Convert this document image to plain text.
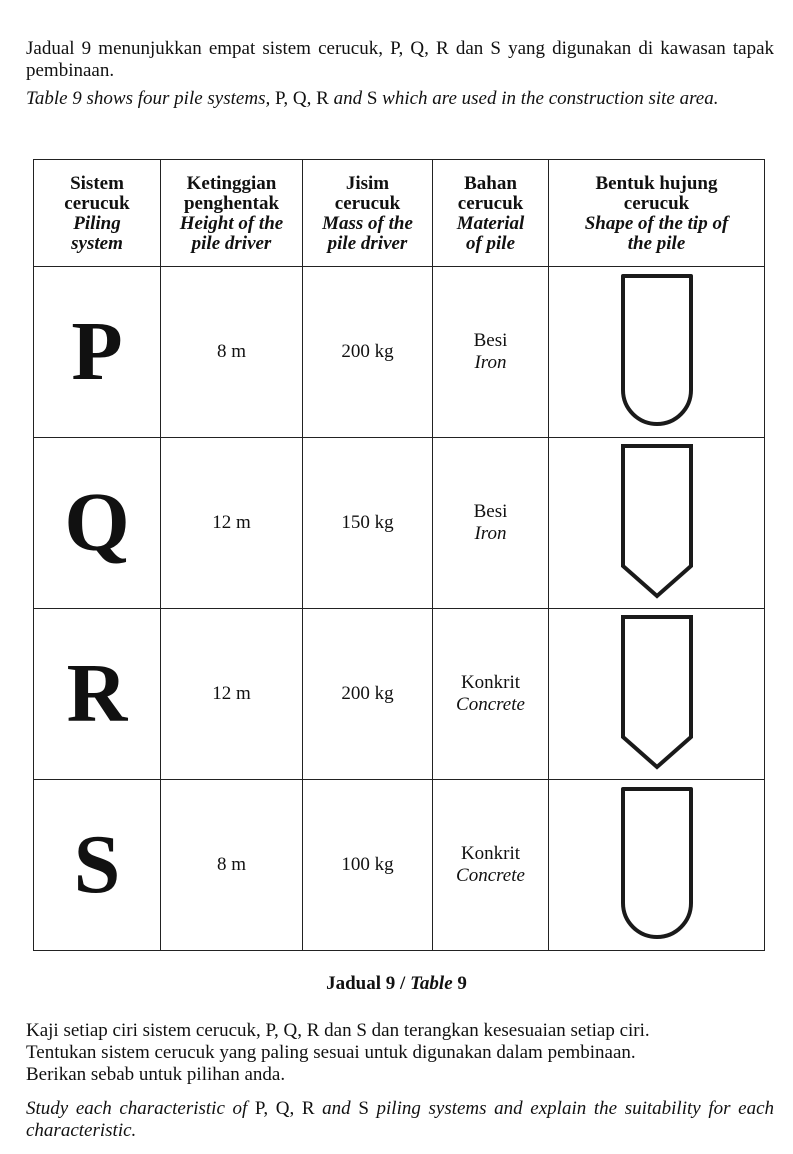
Jadual 9 menunjukkan empat sistem cerucuk, P, Q, R dan S yang digunakan di kawasan tapak pembinaan.
Table 9 shows four pile systems, P, Q, R and S which are used in the construction site area.
Sistem
cerucuk
Piling
system	Ketinggian
penghentak
Height of the
pile driver	Jisim
cerucuk
Mass of the
pile driver	Bahan
cerucuk
Material
of pile	Bentuk hujung
cerucuk
Shape of the tip of
the pile

P	8 m	200 kg	Besi
Iron

Q	12 m	150 kg	Besi
Iron

R	12 m	200 kg	Konkrit
Concrete

S	8 m	100 kg	Konkrit
Concrete

Jadual 9 / Table 9
Kaji setiap ciri sistem cerucuk, P, Q, R dan S dan terangkan kesesuaian setiap ciri.
Tentukan sistem cerucuk yang paling sesuai untuk digunakan dalam pembinaan.
Berikan sebab untuk pilihan anda.
Study each characteristic of P, Q, R and S piling systems and explain the suitability for each characteristic.
